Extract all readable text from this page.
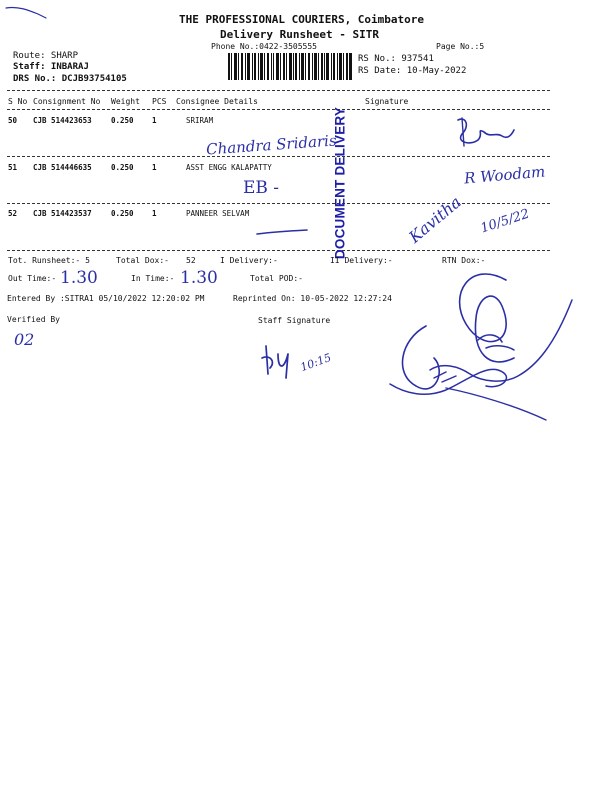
THE PROFESSIONAL COURIERS, Coimbatore
Delivery Runsheet - SITR
Phone No.:0422-3505555	Page No.:5
Route: SHARP
Staff: INBARAJ
DRS No.: DCJB93754105
RS No.: 937541
RS Date: 10-May-2022
S No Consignment No Weight PCS Consignee Details	Signature
50 CJB 514423653	0.250 1	SRIRAM
Chandra Sridaris
51 CJB 514446635	0.250 1	ASST ENGG KALAPATTY
EB -
52 CJB 514423537	0.250 1	PANNEER SELVAM	DOCUMENT DELIVERY
Tot. Runsheet:- 5	Total Dox:- 52	I Delivery:-	II Delivery:-	RTN Dox:-
Out Time:- 1.30	In Time:- 1.30	Total POD:-
Entered By :SITRA1 05/10/2022 12:20:02 PM	Reprinted On: 10-05-2022 12:27:24
Verified By	Staff Signature
R Woodam
Kavitha 10/5/22
10:15
02
